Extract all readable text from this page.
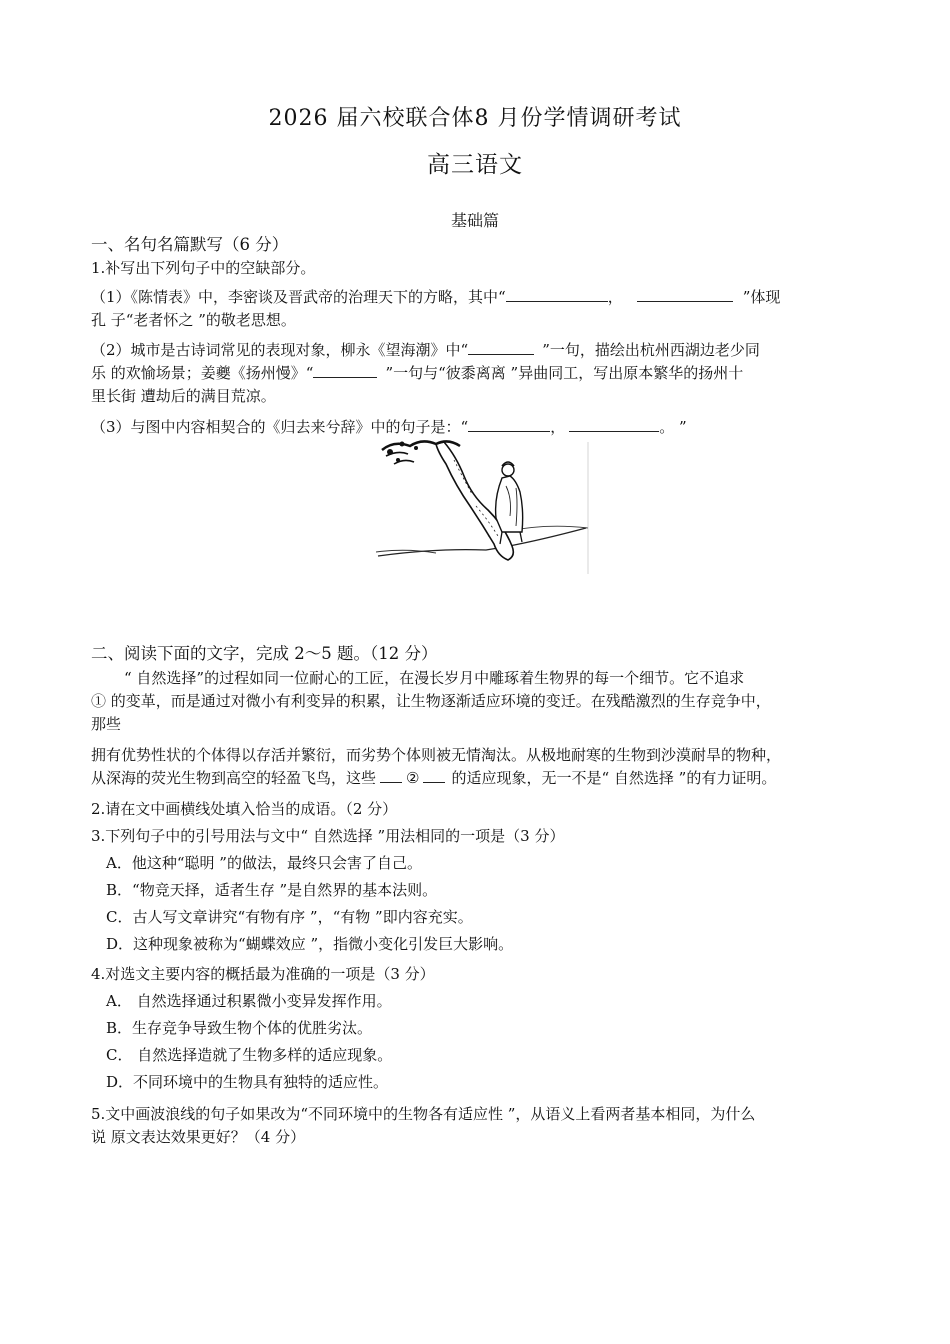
2026 届六校联合体8 月份学情调研考试
高三语文
基础篇
一、名句名篇默写（6 分）
1.补写出下列句子中的空缺部分。
（1）《陈情表》中，李密谈及晋武帝的治理天下的方略，其中“	，	”体现
孔 子“老者怀之 ”的敬老思想。
（2）城市是古诗词常见的表现对象，柳永《望海潮》中“	”一句，描绘出杭州西湖边老少同
乐 的欢愉场景；姜夔《扬州慢》“	”一句与“彼黍离离 ”异曲同工，写出原本繁华的扬州十
里长街 遭劫后的满目荒凉。
（3）与图中内容相契合的《归去来兮辞》中的句子是：“	，	。 ”
二、阅读下面的文字，完成 2～5 题。（12 分）
“ 自然选择”的过程如同一位耐心的工匠，在漫长岁月中雕琢着生物界的每一个细节。它不追求
① 的变革，而是通过对微小有利变异的积累，让生物逐渐适应环境的变迁。在残酷激烈的生存竞争中，
那些
拥有优势性状的个体得以存活并繁衍，而劣势个体则被无情淘汰。从极地耐寒的生物到沙漠耐旱的物种，
从深海的荧光生物到高空的轻盈飞鸟，这些 ② 的适应现象，无一不是“ 自然选择 ”的有力证明。
2.请在文中画横线处填入恰当的成语。（2 分）
3.下列句子中的引号用法与文中“ 自然选择 ”用法相同的一项是（3 分）
A．他这种“聪明 ”的做法，最终只会害了自己。
B．“物竞天择，适者生存 ”是自然界的基本法则。
C．古人写文章讲究“有物有序 ”，“有物 ”即内容充实。
D．这种现象被称为“蝴蝶效应 ”，指微小变化引发巨大影响。
4.对选文主要内容的概括最为准确的一项是（3 分）
A． 自然选择通过积累微小变异发挥作用。
B．生存竞争导致生物个体的优胜劣汰。
C． 自然选择造就了生物多样的适应现象。
D．不同环境中的生物具有独特的适应性。
5.文中画波浪线的句子如果改为“不同环境中的生物各有适应性 ”，从语义上看两者基本相同，为什么
说 原文表达效果更好？（4 分）
